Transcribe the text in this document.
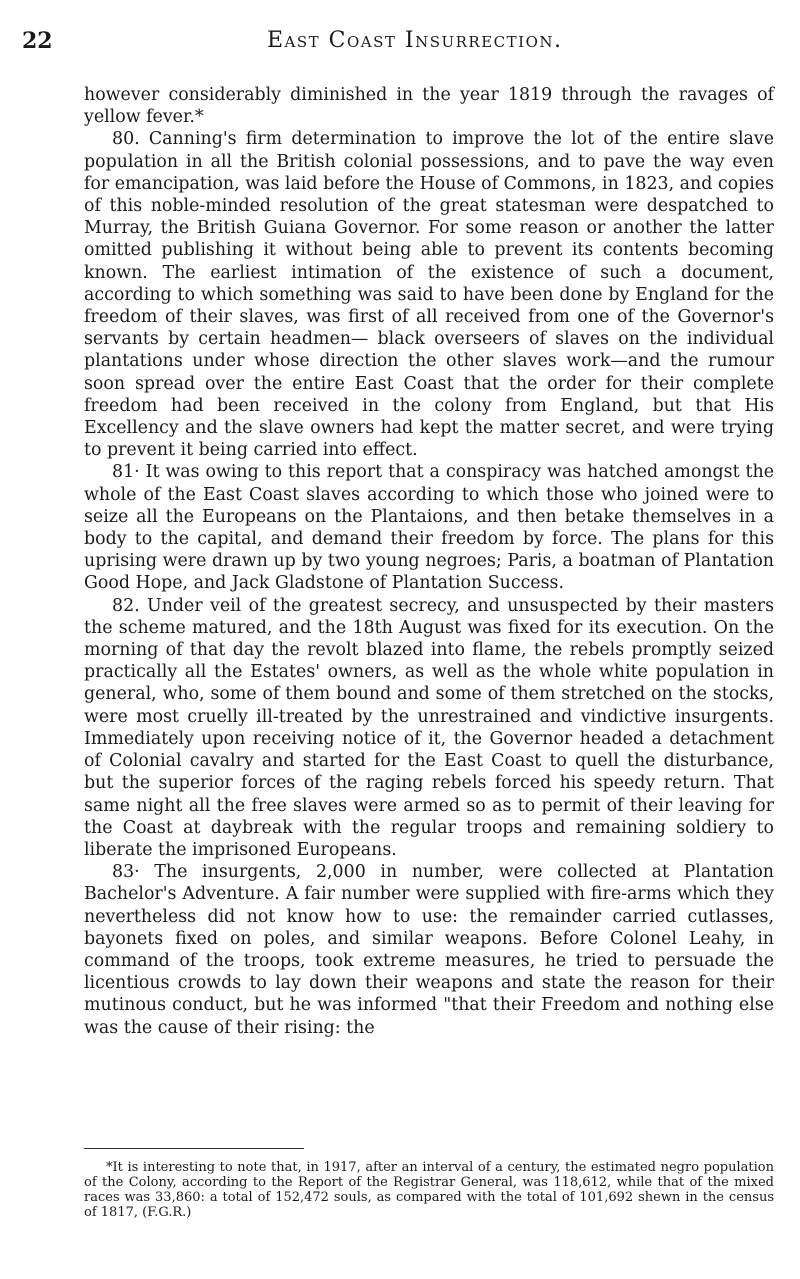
22	East Coast Insurrection.

however considerably diminished in the year 1819 through the ravages of yellow fever.*

80. Canning's firm determination to improve the lot of the entire slave population in all the British colonial possessions, and to pave the way even for emancipation, was laid before the House of Commons, in 1823, and copies of this noble-minded resolution of the great statesman were despatched to Murray, the British Guiana Governor. For some reason or another the latter omitted publishing it without being able to prevent its contents becoming known. The earliest intimation of the existence of such a document, according to which something was said to have been done by England for the freedom of their slaves, was first of all received from one of the Governor's servants by certain headmen— black overseers of slaves on the individual plantations under whose direction the other slaves work—and the rumour soon spread over the entire East Coast that the order for their complete freedom had been received in the colony from England, but that His Excellency and the slave owners had kept the matter secret, and were trying to prevent it being carried into effect.

81· It was owing to this report that a conspiracy was hatched amongst the whole of the East Coast slaves according to which those who joined were to seize all the Europeans on the Plantaions, and then betake themselves in a body to the capital, and demand their freedom by force. The plans for this uprising were drawn up by two young negroes; Paris, a boatman of Plantation Good Hope, and Jack Gladstone of Plantation Success.

82. Under veil of the greatest secrecy, and unsuspected by their masters the scheme matured, and the 18th August was fixed for its execution. On the morning of that day the revolt blazed into flame, the rebels promptly seized practically all the Estates' owners, as well as the whole white population in general, who, some of them bound and some of them stretched on the stocks, were most cruelly ill-treated by the unrestrained and vindictive insurgents. Immediately upon receiving notice of it, the Governor headed a detachment of Colonial cavalry and started for the East Coast to quell the disturbance, but the superior forces of the raging rebels forced his speedy return. That same night all the free slaves were armed so as to permit of their leaving for the Coast at daybreak with the regular troops and remaining soldiery to liberate the imprisoned Europeans.

83· The insurgents, 2,000 in number, were collected at Plantation Bachelor's Adventure. A fair number were supplied with fire-arms which they nevertheless did not know how to use: the remainder carried cutlasses, bayonets fixed on poles, and similar weapons. Before Colonel Leahy, in command of the troops, took extreme measures, he tried to persuade the licentious crowds to lay down their weapons and state the reason for their mutinous conduct, but he was informed "that their Freedom and nothing else was the cause of their rising: the

*It is interesting to note that, in 1917, after an interval of a century, the estimated negro population of the Colony, according to the Report of the Registrar General, was 118,612, while that of the mixed races was 33,860: a total of 152,472 souls, as compared with the total of 101,692 shewn in the census of 1817, (F.G.R.)
